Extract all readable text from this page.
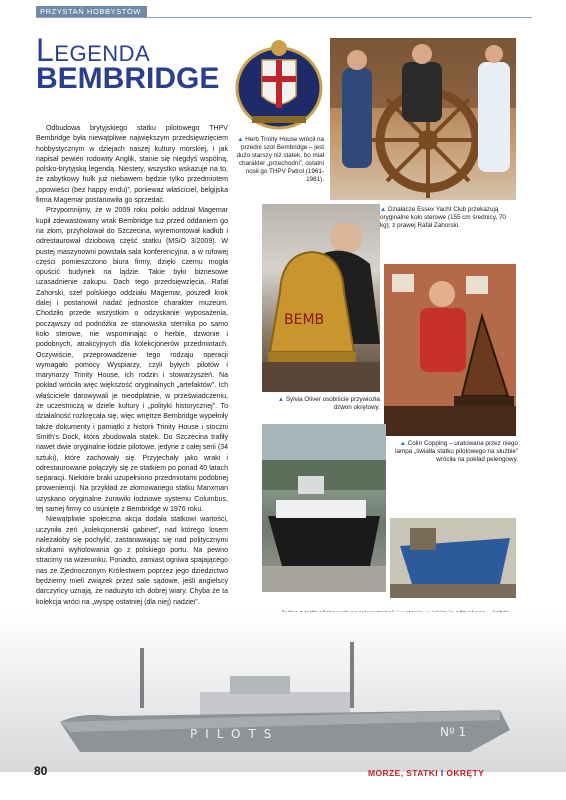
PRZYSTAŃ HOBBYSTÓW
Legenda
BEMBRIDGE

Odbudowa brytyjskiego statku pilotowego THPV Bembridge była niewątpliwie największym przedsięwzięciem hobbystycznym w dziejach naszej kultury morskiej, i jak napisał pewien rodowity Anglik, stanie się niegdyś wspólną, polsko-brytyjską legendą. Niestety, wszystko wskazuje na to, że zabytkowy hulk już niebawem będzie tylko przedmiotem „opowieści (bez happy endu)”, ponieważ właściciel, belgijska firma Magemar postanowiła go sprzedać.

Przypomnijmy, że w 2009 roku polski oddział Magemar kupił zdewastowany wrak Bembridge tuż przed oddaniem go na złom, przyholował do Szczecina, wyremontował kadłub i odrestaurował dziobową część statku (MSiO 3/2009). W pustej maszynowni powstała sala konferencyjna, a w rufowej części pomieszczono biura firmy, dzięki czemu mogła opuścić budynek na lądzie. Takie było biznesowe uzasadnienie zakupu. Dach tego przedsięwzięcia, Rafał Zahorski, szef polskiego oddziału Magemar, poszedł krok dalej i postanowił nadać jednostce charakter muzeum. Chodziło przede wszystkim o odzyskanie wyposażenia, począwszy od podnóżka ze stanowiska sternika po samo koło sterowe, nie wspominając o herbie, dzwonie i podobnych, atrakcyjnych dla kolekcjonerów przedmiotach. Oczywiście, przeprowadzenie tego rodzaju operacji wymagało pomocy Wyspiarzy, czyli byłych pilotów i marynarzy Trinity House, ich rodzin i stowarzyszeń. Na pokład wróciła więc większość oryginalnych „artefaktów”. Ich właściciele darowywali je nieodpłatnie, w przeświadczeniu, że uczestniczą w dziele kultury i „polityki historycznej”. To działalność rozkręcała się, więc wnętrze Bembridge wypełniły także dokumenty i pamiątki z historii Trinity House i stoczni Smith’s Dock, która zbudowała statek. Do Szczecina trafiły nawet dwie oryginalne łodzie pilotowe, jedyne z całej serii (34 sztuki), które zachowały się. Przyjechały jako wraki i odrestaurowane połączyły się ze statkiem po ponad 40 latach separacji. Niektóre braki uzupełniono przedmiotami podobnej proweniencji. Na przykład ze złomowanego statku Manxman uzyskano oryginalne żurawiki łodziowe systemu Columbus, tej samej firmy co usunięte z Bembridge w 1976 roku.

Niewątpliwie społeczna akcja dodała statkowi wartości, uczyniła zeń „kolekcjonerski gabinet”, nad którego losem należałoby się pochylić, zastanawiając się nad politycznymi skutkami wyholowania go z polskiego portu. Na pewno stracimy na wizerunku. Ponadto, zamiast ogniwa spajającego nas ze Zjednoczonym Królestwem poprzez jego dziedzictwo będziemy mieli związek przez sale sądowe, jeśli angielscy darczyńcy uznają, że nadużyto ich dobrej wiary. Chyba że ta kolekcja wróci na „wyspę ostatniej (dla niej) nadziei”.

▲ Herb Trinity House wrócił na przedni szot Bembridge – jest dużo starszy niż statek, bo miał charakter „przechodni”, ostatni nosił go THPV Patrol (1961-1981).
▲ Działacze Essex Yacht Club przekazują oryginalne koło sterowe (155 cm średnicy, 70 kg); z prawej Rafał Zahorski.
BEMB
▲ Sylvia Oliver osobiście przywiozła dzwon okrętowy.
▲ Colin Copping – uratowana przez niego lampa „światła statku pilotowego na służbie” wróciła na pokład pelengowy.
PILOTS	Nº 1
80	MORZE, STATKI I OKRĘTY
